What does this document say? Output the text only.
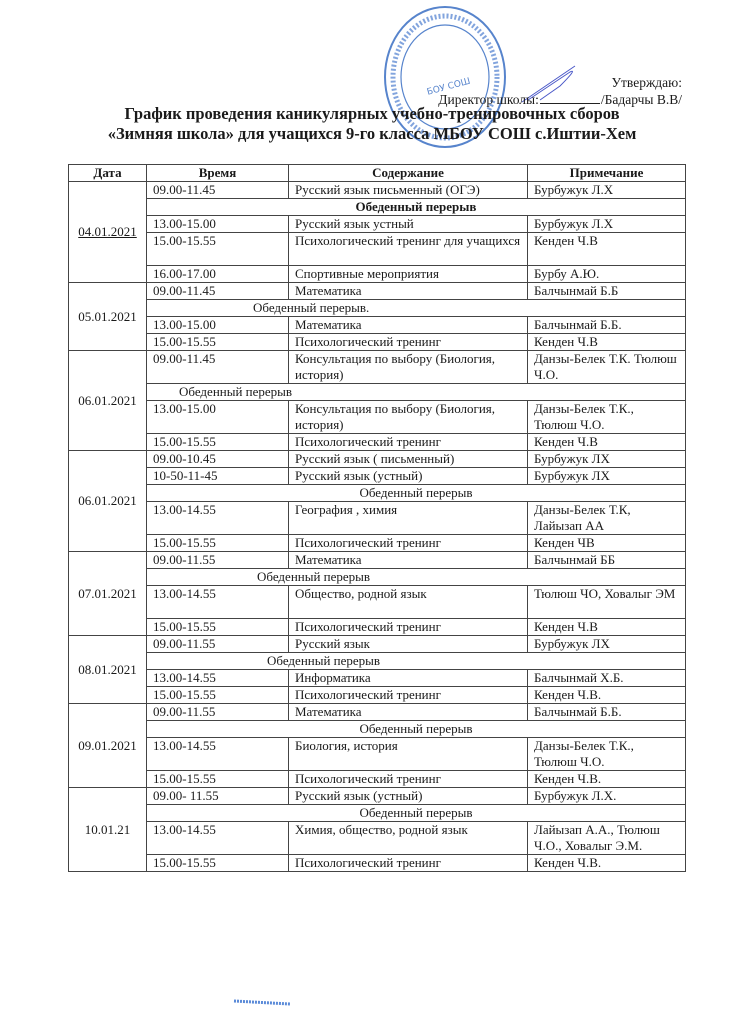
БОУ СОШ	Утверждаю:
Директор школы:	/Бадарчы В.В/
График проведения каникулярных учебно-тренировочных сборов
«Зимняя школа» для учащихся 9-го класса МБОУ СОШ с.Иштии-Хем
Дата	Время	Содержание	Примечание
04.01.2021	09.00-11.45	Русский язык письменный (ОГЭ)	Бурбужук Л.Х
	Обеденный перерыв		
	13.00-15.00	Русский язык устный	Бурбужук Л.Х
	15.00-15.55	Психологический тренинг для учащихся	Кенден Ч.В
	16.00-17.00	Спортивные мероприятия	Бурбу А.Ю.
05.01.2021	09.00-11.45	Математика	Балчынмай Б.Б
	Обеденный перерыв.		
	13.00-15.00	Математика	Балчынмай Б.Б.
	15.00-15.55	Психологический тренинг	Кенден Ч.В
06.01.2021	09.00-11.45	Консультация по выбору (Биология, история)	Данзы-Белек Т.К. Тюлюш Ч.О.
	Обеденный перерыв		
	13.00-15.00	Консультация по выбору (Биология, история)	Данзы-Белек Т.К., Тюлюш Ч.О.
	15.00-15.55	Психологический тренинг	Кенден Ч.В
06.01.2021	09.00-10.45	Русский язык ( письменный)	Бурбужук ЛХ
	10-50-11-45	Русский язык (устный)	Бурбужук ЛХ
	Обеденный перерыв		
	13.00-14.55	География , химия	Данзы-Белек Т.К, Лайызап АА
	15.00-15.55	Психологический тренинг	Кенден ЧВ
07.01.2021	09.00-11.55	Математика	Балчынмай ББ
	Обеденный перерыв		
	13.00-14.55	Общество, родной язык	Тюлюш ЧО, Ховалыг ЭМ
	15.00-15.55	Психологический тренинг	Кенден Ч.В
08.01.2021	09.00-11.55	Русский язык	Бурбужук ЛХ
	Обеденный перерыв		
	13.00-14.55	Информатика	Балчынмай Х.Б.
	15.00-15.55	Психологический тренинг	Кенден Ч.В.
09.01.2021	09.00-11.55	Математика	Балчынмай Б.Б.
	Обеденный перерыв		
	13.00-14.55	Биология, история	Данзы-Белек Т.К., Тюлюш Ч.О.
	15.00-15.55	Психологический тренинг	Кенден Ч.В.
10.01.21	09.00- 11.55	Русский язык (устный)	Бурбужук Л.Х.
	Обеденный перерыв		
	13.00-14.55	Химия, общество, родной язык	Лайызап А.А., Тюлюш Ч.О., Ховалыг Э.М.
	15.00-15.55	Психологический тренинг	Кенден Ч.В.
